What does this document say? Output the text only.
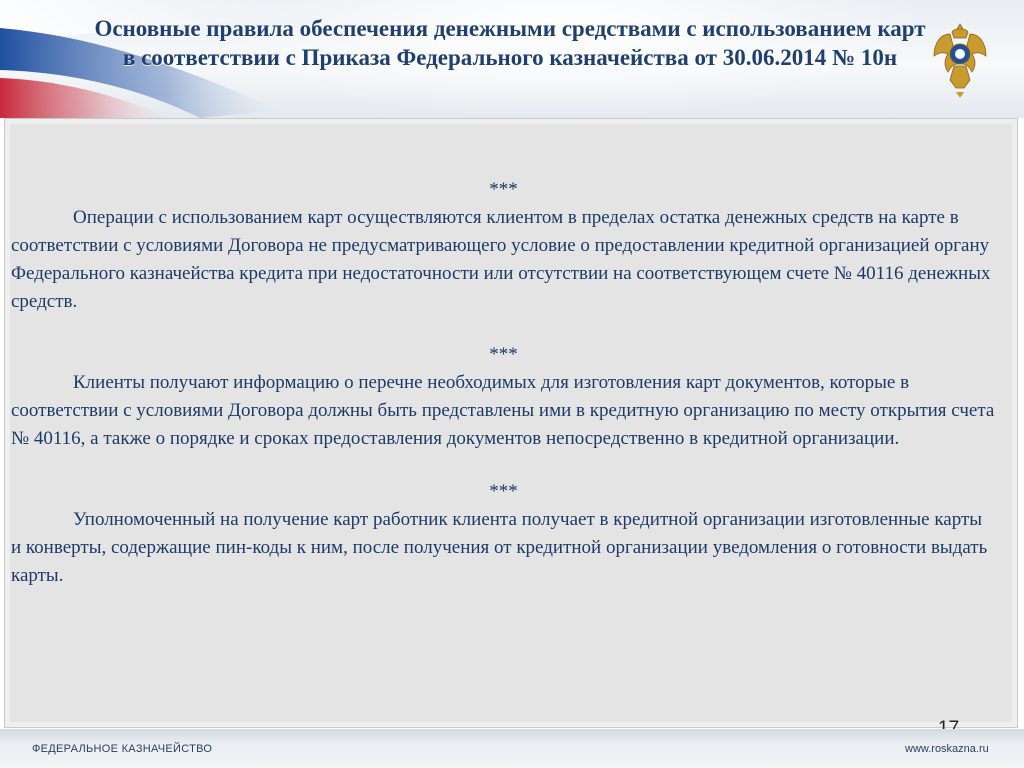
Основные правила обеспечения денежными средствами с использованием карт
в соответствии с Приказа Федерального казначейства от 30.06.2014 № 10н

***

Операции с использованием карт осуществляются клиентом в пределах остатка денежных средств на карте в соответствии с условиями Договора не предусматривающего условие о предоставлении кредитной организацией органу Федерального казначейства кредита при недостаточности или отсутствии на соответствующем счете № 40116 денежных средств.

***

Клиенты получают информацию о перечне необходимых для изготовления карт документов, которые в соответствии с условиями Договора должны быть представлены ими в кредитную организацию по месту открытия счета № 40116, а также о порядке и сроках предоставления документов непосредственно в кредитной организации.

***

Уполномоченный на получение карт работник клиента получает в кредитной организации изготовленные карты и конверты, содержащие пин-коды к ним, после получения от кредитной организации уведомления о готовности выдать карты.

ФЕДЕРАЛЬНОЕ КАЗНАЧЕЙСТВО	www.roskazna.ru
